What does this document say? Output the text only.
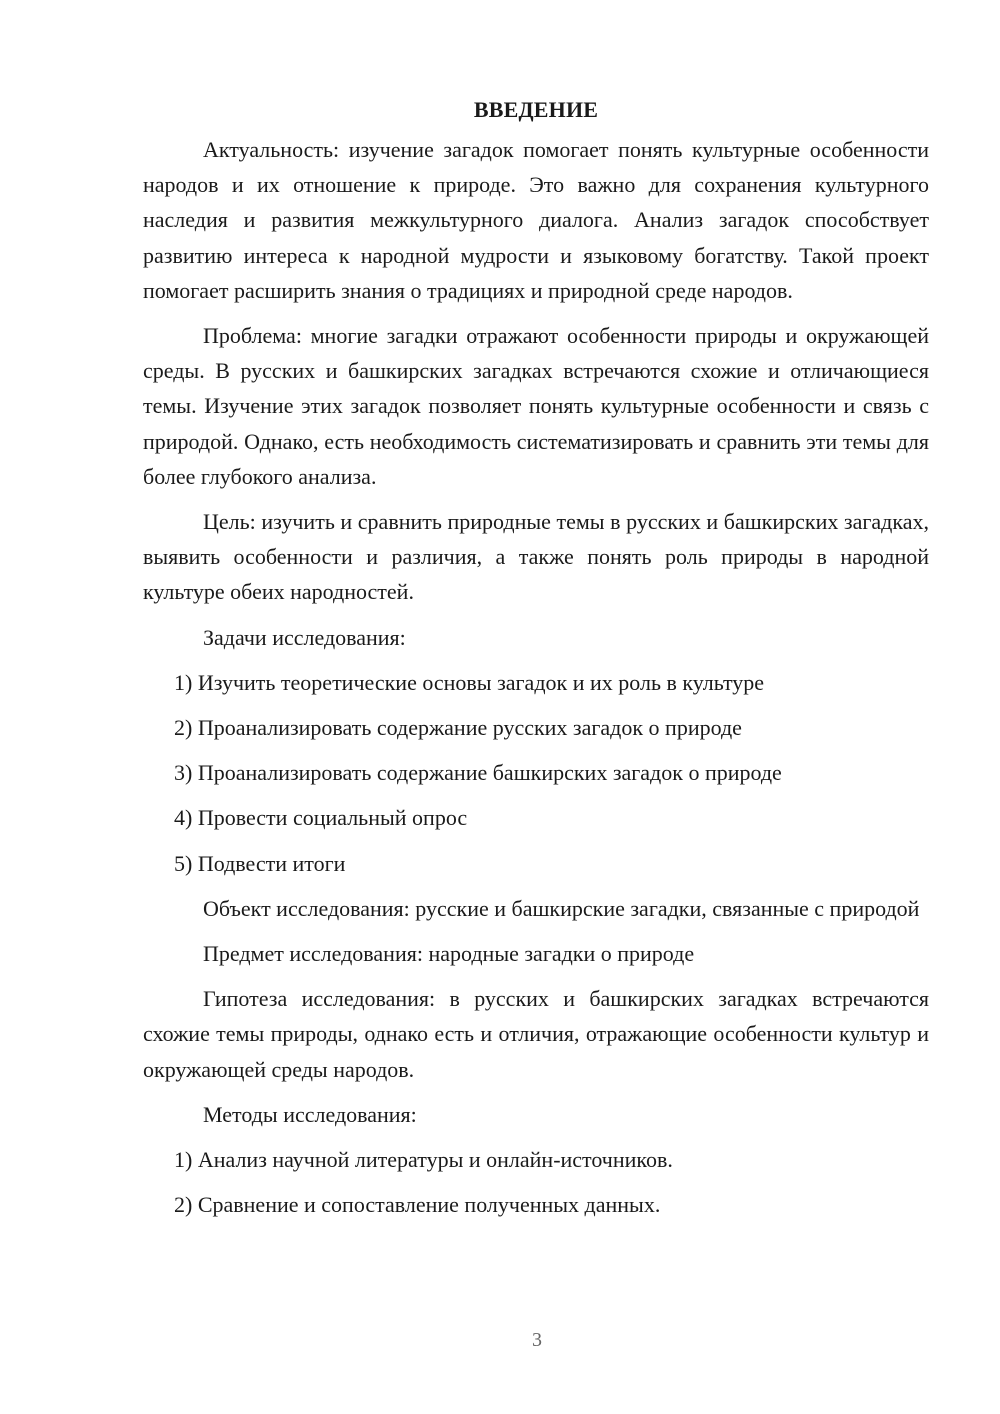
ВВЕДЕНИЕ

Актуальность: изучение загадок помогает понять культурные особенности народов и их отношение к природе. Это важно для сохранения культурного наследия и развития межкультурного диалога. Анализ загадок способствует развитию интереса к народной мудрости и языковому богатству. Такой проект помогает расширить знания о традициях и природной среде народов.

Проблема: многие загадки отражают особенности природы и окружающей среды. В русских и башкирских загадках встречаются схожие и отличающиеся темы. Изучение этих загадок позволяет понять культурные особенности и связь с природой. Однако, есть необходимость систематизировать и сравнить эти темы для более глубокого анализа.

Цель: изучить и сравнить природные темы в русских и башкирских загадках, выявить особенности и различия, а также понять роль природы в народной культуре обеих народностей.

Задачи исследования:

1) Изучить теоретические основы загадок и их роль в культуре

2) Проанализировать содержание русских загадок о природе

3) Проанализировать содержание башкирских загадок о природе

4) Провести социальный опрос

5) Подвести итоги

Объект исследования: русские и башкирские загадки, связанные с природой

Предмет исследования: народные загадки о природе

Гипотеза исследования: в русских и башкирских загадках встречаются схожие темы природы, однако есть и отличия, отражающие особенности культур и окружающей среды народов.

Методы исследования:

1) Анализ научной литературы и онлайн-источников.

2) Сравнение и сопоставление полученных данных.

3
